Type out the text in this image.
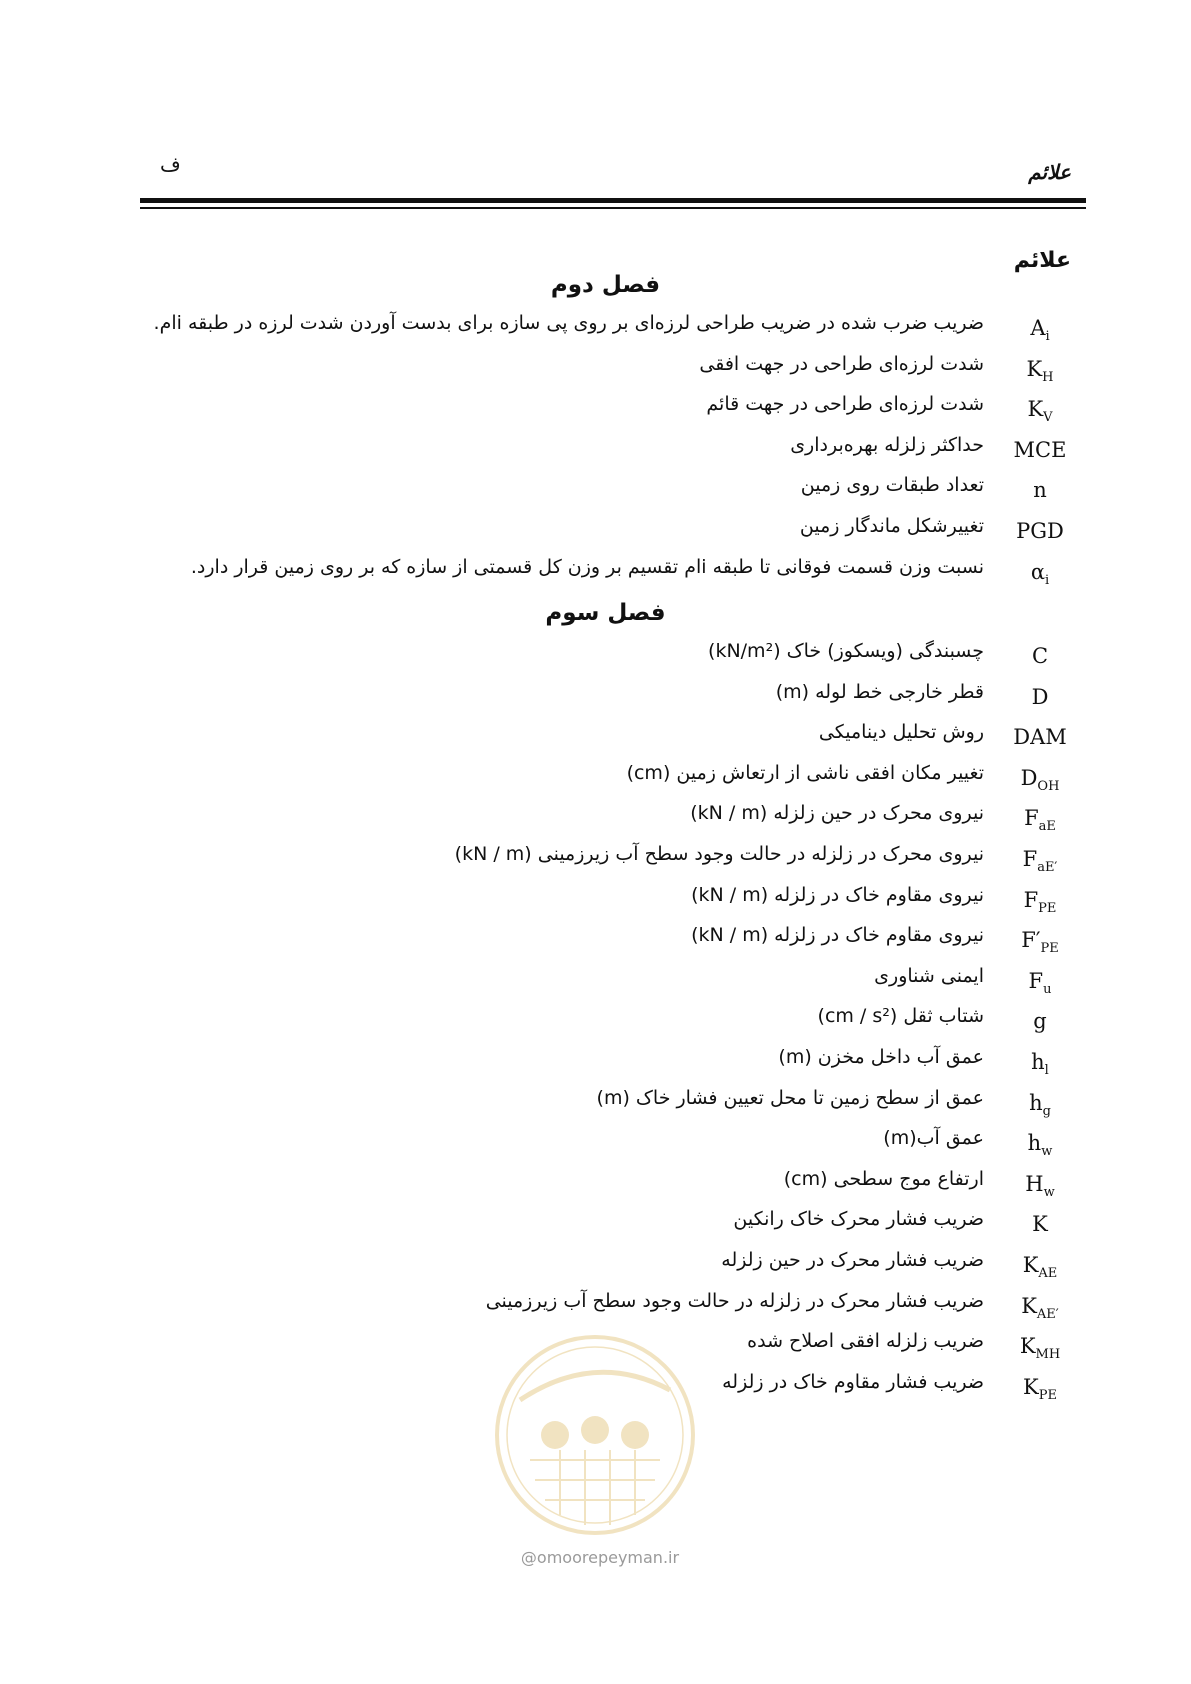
ف	علائم
علائم
فصل دوم
$A_i$
ضریب ضرب شده در ضریب طراحی لرزه‌ای بر روی پی سازه برای بدست آوردن شدت لرزه در طبقه iام.
$K_H$
شدت لرزه‌ای طراحی در جهت افقی
$K_V$
شدت لرزه‌ای طراحی در جهت قائم
MCE
حداکثر زلزله بهره‌برداری
n
تعداد طبقات روی زمین
PGD
تغییرشکل ماندگار زمین
$\alpha_i$
نسبت وزن قسمت فوقانی تا طبقه iام تقسیم بر وزن کل قسمتی از سازه که بر روی زمین قرار دارد.
فصل سوم
C
چسبندگی (ویسکوز) خاک (kN/m²)
D
قطر خارجی خط لوله (m)
DAM
روش تحلیل دینامیکی
$D_{OH}$
تغییر مکان افقی ناشی از ارتعاش زمین (cm)
$F_{aE}$
نیروی محرک در حین زلزله (kN / m)
$F_{aE'}$
نیروی محرک در زلزله در حالت وجود سطح آب زیرزمینی (kN / m)
$F_{PE}$
نیروی مقاوم خاک در زلزله (kN / m)
$F'_{PE}$
نیروی مقاوم خاک در زلزله (kN / m)
$F_u$
ایمنی شناوری
g
شتاب ثقل (cm / s²)
$h_l$
عمق آب داخل مخزن (m)
$h_g$
عمق از سطح زمین تا محل تعیین فشار خاک (m)
$h_w$
عمق آب(m)
$H_w$
ارتفاع موج سطحی (cm)
K
ضریب فشار محرک خاک رانکین
$K_{AE}$
ضریب فشار محرک در حین زلزله
$K_{AE'}$
ضریب فشار محرک در زلزله در حالت وجود سطح آب زیرزمینی
$K_{MH}$
ضریب زلزله افقی اصلاح شده
$K_{PE}$
ضریب فشار مقاوم خاک در زلزله
@omoorepeyman.ir
